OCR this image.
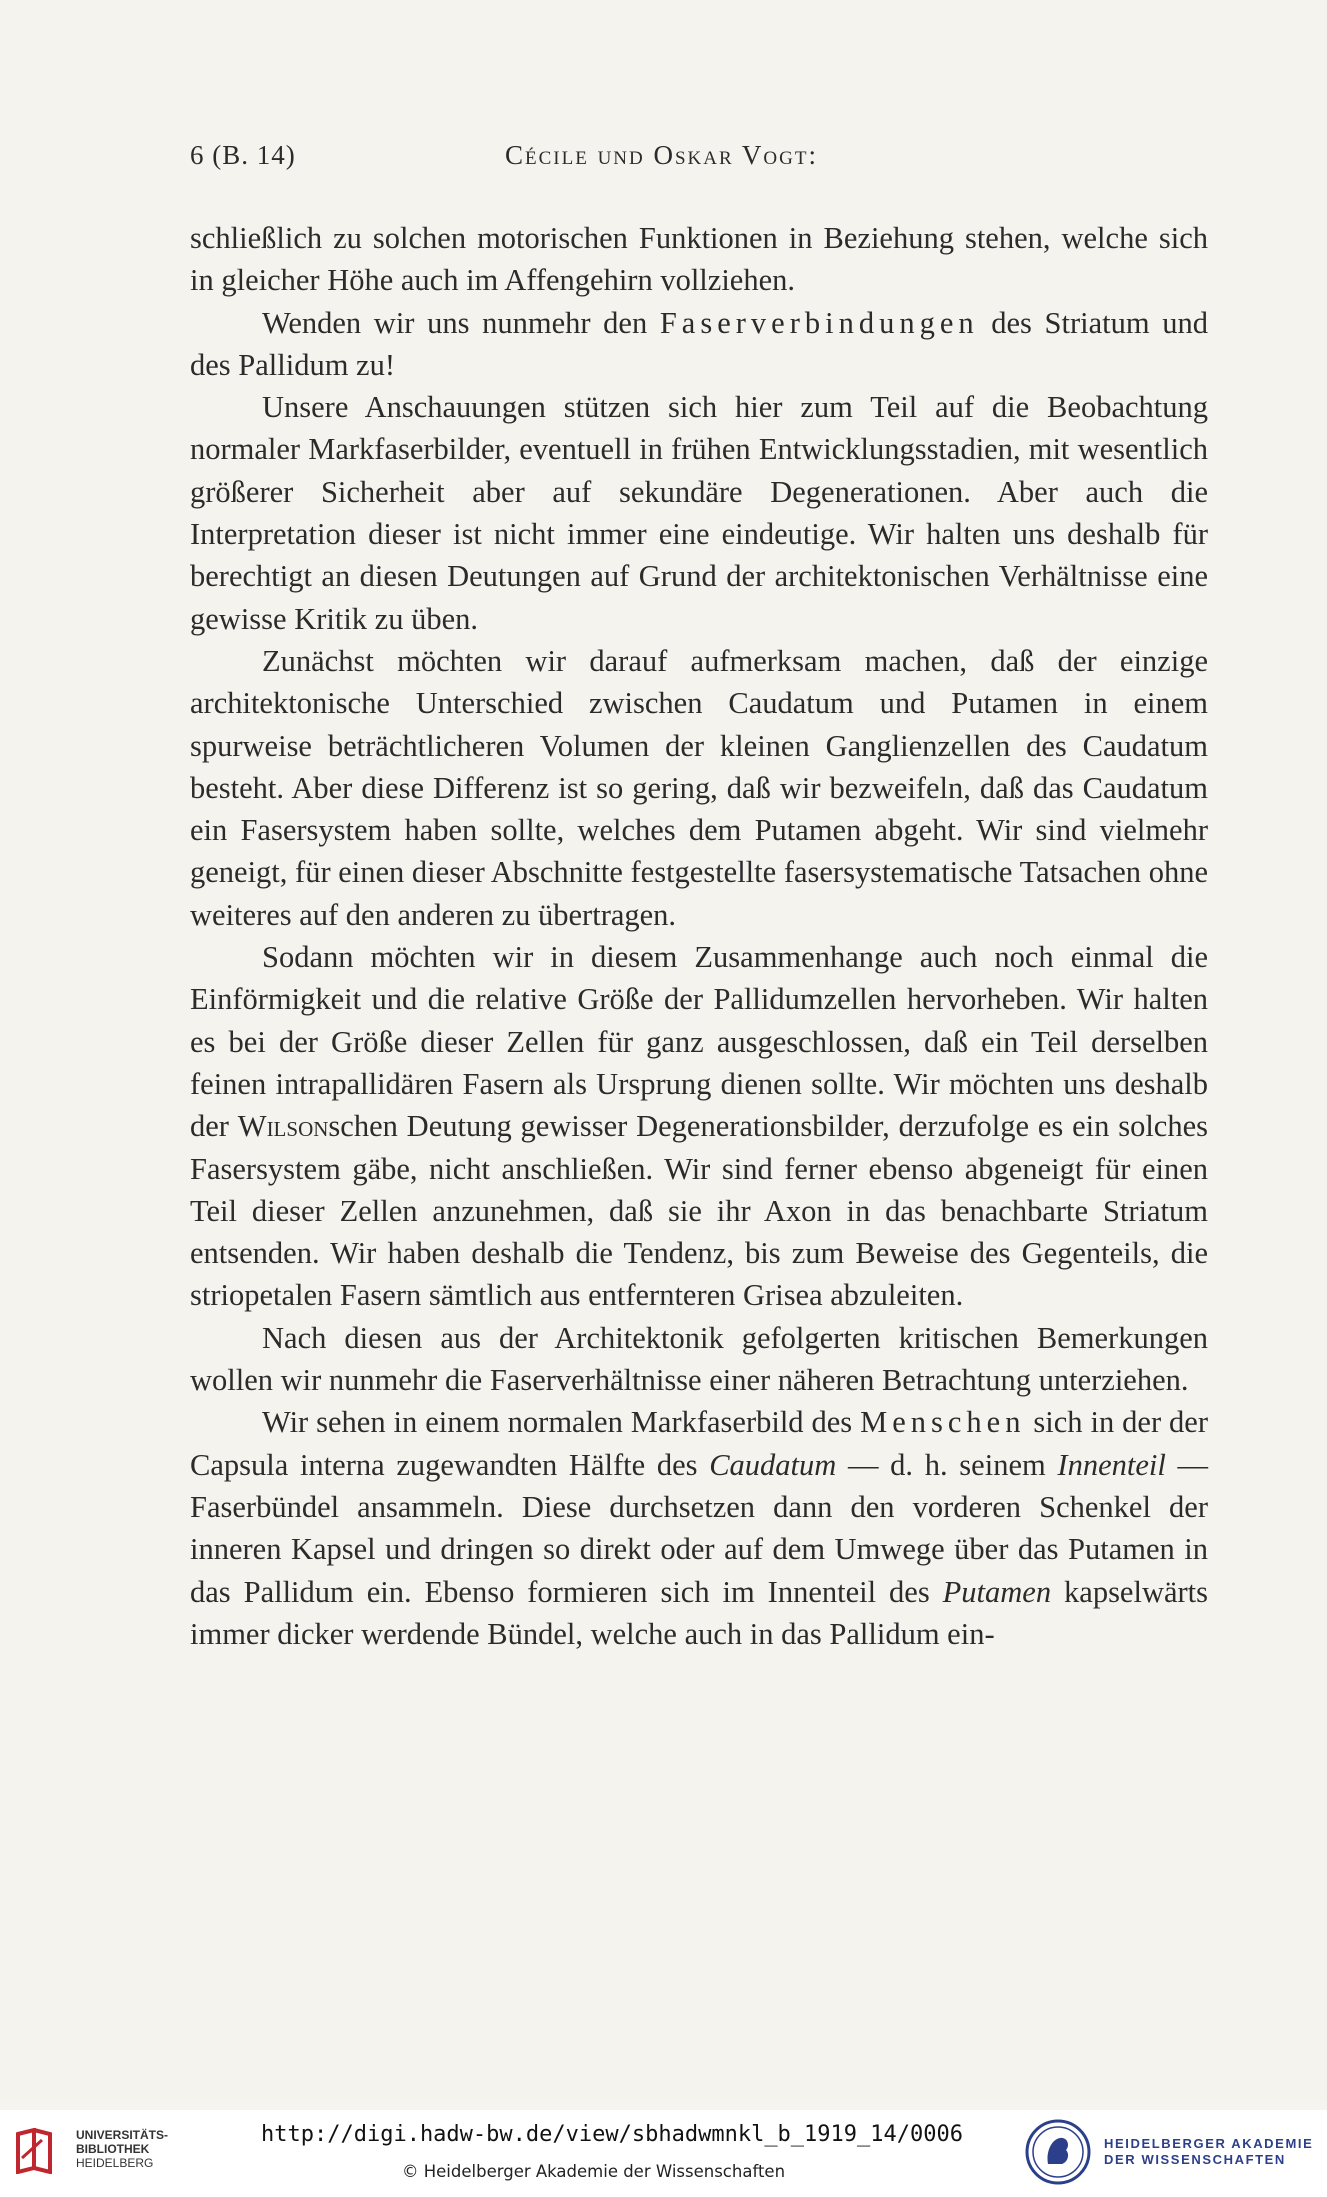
6 (B. 14)	Cécile und Oskar Vogt:

schließlich zu solchen motorischen Funktionen in Beziehung stehen, welche sich in gleicher Höhe auch im Affengehirn vollziehen.

Wenden wir uns nunmehr den Faserverbindungen des Striatum und des Pallidum zu!

Unsere Anschauungen stützen sich hier zum Teil auf die Beobachtung normaler Markfaserbilder, eventuell in frühen Entwicklungsstadien, mit wesentlich größerer Sicherheit aber auf sekundäre Degenerationen. Aber auch die Interpretation dieser ist nicht immer eine eindeutige. Wir halten uns deshalb für berechtigt an diesen Deutungen auf Grund der architektonischen Verhältnisse eine gewisse Kritik zu üben.

Zunächst möchten wir darauf aufmerksam machen, daß der einzige architektonische Unterschied zwischen Caudatum und Putamen in einem spurweise beträchtlicheren Volumen der kleinen Ganglienzellen des Caudatum besteht. Aber diese Differenz ist so gering, daß wir bezweifeln, daß das Caudatum ein Fasersystem haben sollte, welches dem Putamen abgeht. Wir sind vielmehr geneigt, für einen dieser Abschnitte festgestellte fasersystematische Tatsachen ohne weiteres auf den anderen zu übertragen.

Sodann möchten wir in diesem Zusammenhange auch noch einmal die Einförmigkeit und die relative Größe der Pallidumzellen hervorheben. Wir halten es bei der Größe dieser Zellen für ganz ausgeschlossen, daß ein Teil derselben feinen intrapallidären Fasern als Ursprung dienen sollte. Wir möchten uns deshalb der Wilsonschen Deutung gewisser Degenerationsbilder, derzufolge es ein solches Fasersystem gäbe, nicht anschließen. Wir sind ferner ebenso abgeneigt für einen Teil dieser Zellen anzunehmen, daß sie ihr Axon in das benachbarte Striatum entsenden. Wir haben deshalb die Tendenz, bis zum Beweise des Gegenteils, die striopetalen Fasern sämtlich aus entfernteren Grisea abzuleiten.

Nach diesen aus der Architektonik gefolgerten kritischen Bemerkungen wollen wir nunmehr die Faserverhältnisse einer näheren Betrachtung unterziehen.

Wir sehen in einem normalen Markfaserbild des Menschen sich in der der Capsula interna zugewandten Hälfte des Caudatum — d. h. seinem Innenteil — Faserbündel ansammeln. Diese durchsetzen dann den vorderen Schenkel der inneren Kapsel und dringen so direkt oder auf dem Umwege über das Putamen in das Pallidum ein. Ebenso formieren sich im Innenteil des Putamen kapselwärts immer dicker werdende Bündel, welche auch in das Pallidum ein-

UNIVERSITÄTS-
BIBLIOTHEK
HEIDELBERG
http://digi.hadw-bw.de/view/sbhadwmnkl_b_1919_14/0006
© Heidelberger Akademie der Wissenschaften
HEIDELBERGER AKADEMIE
DER WISSENSCHAFTEN
